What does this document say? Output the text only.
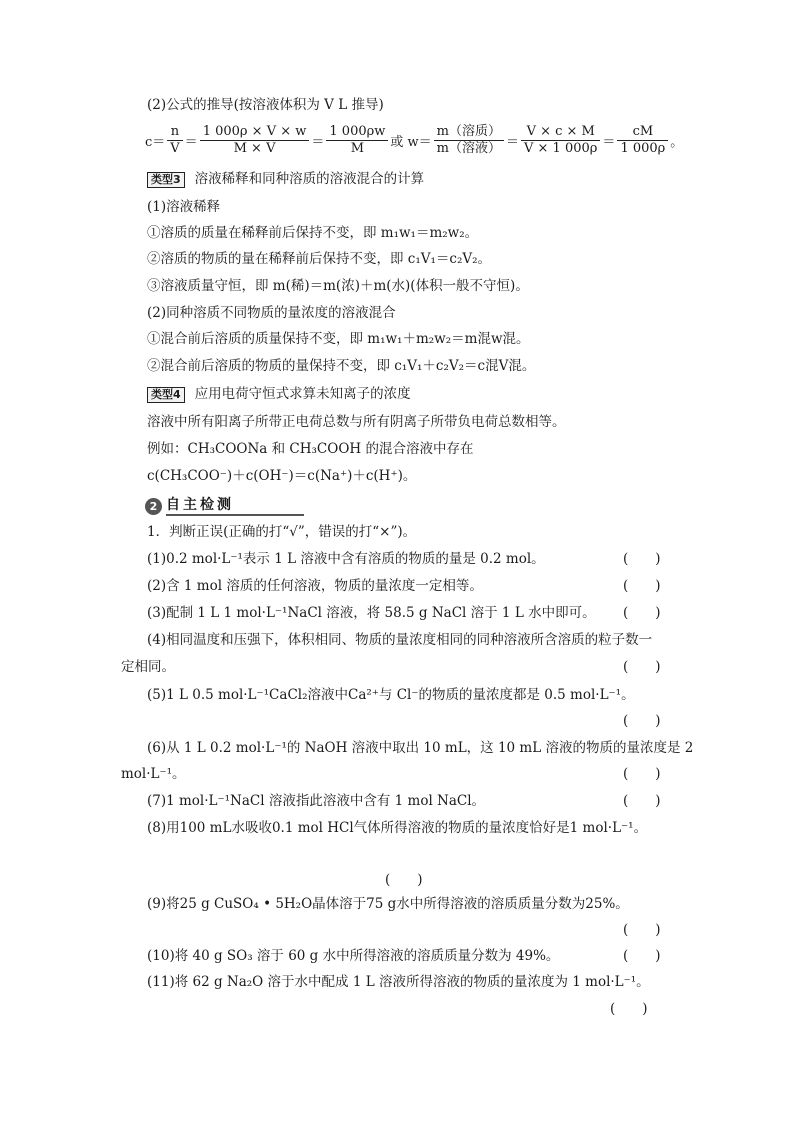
(2)公式的推导(按溶液体积为 V L 推导)
$c= \frac{n}{V} = \frac{1 000\rho \times V \times w}{M \times V} = \frac{1 000\rho w}{M}$ 或 $w= \frac{\text{m（溶质）}}{\text{m（溶液）}} = \frac{V \times c \times M}{V \times 1 000\rho} = \frac{cM}{1 000\rho}$ 。
类型3 溶液稀释和同种溶质的溶液混合的计算
(1)溶液稀释
①溶质的质量在稀释前后保持不变，即 m₁w₁＝m₂w₂。
②溶质的物质的量在稀释前后保持不变，即 c₁V₁＝c₂V₂。
③溶液质量守恒，即 m(稀)＝m(浓)＋m(水)(体积一般不守恒)。
(2)同种溶质不同物质的量浓度的溶液混合
①混合前后溶质的质量保持不变，即 m₁w₁＋m₂w₂＝m混w混。
②混合前后溶质的物质的量保持不变，即 c₁V₁＋c₂V₂＝c混V混。
类型4 应用电荷守恒式求算未知离子的浓度
溶液中所有阳离子所带正电荷总数与所有阴离子所带负电荷总数相等。
例如：CH₃COONa 和 CH₃COOH 的混合溶液中存在
c(CH₃COO⁻)＋c(OH⁻)＝c(Na⁺)＋c(H⁺)。
2 自主检测
1．判断正误(正确的打“√”，错误的打“×”)。
(1)0.2 mol·L⁻¹表示 1 L 溶液中含有溶质的物质的量是 0.2 mol。	(　　)
(2)含 1 mol 溶质的任何溶液，物质的量浓度一定相等。	(　　)
(3)配制 1 L 1 mol·L⁻¹NaCl 溶液，将 58.5 g NaCl 溶于 1 L 水中即可。 (　　)
(4)相同温度和压强下，体积相同、物质的量浓度相同的同种溶液所含溶质的粒子数一
定相同。	(　　)
(5)1 L 0.5 mol·L⁻¹CaCl₂溶液中Ca²⁺与 Cl⁻的物质的量浓度都是 0.5 mol·L⁻¹。
(　　)
(6)从 1 L 0.2 mol·L⁻¹的 NaOH 溶液中取出 10 mL，这 10 mL 溶液的物质的量浓度是 2
mol·L⁻¹。	(　　)
(7)1 mol·L⁻¹NaCl 溶液指此溶液中含有 1 mol NaCl。	(　　)
(8)用100 mL水吸收0.1 mol HCl气体所得溶液的物质的量浓度恰好是1 mol·L⁻¹。
(　　)
(9)将25 g CuSO₄ • 5H₂O晶体溶于75 g水中所得溶液的溶质质量分数为25%。
(　　)
(10)将 40 g SO₃ 溶于 60 g 水中所得溶液的溶质质量分数为 49%。	(　　)
(11)将 62 g Na₂O 溶于水中配成 1 L 溶液所得溶液的物质的量浓度为 1 mol·L⁻¹。
(　　)
